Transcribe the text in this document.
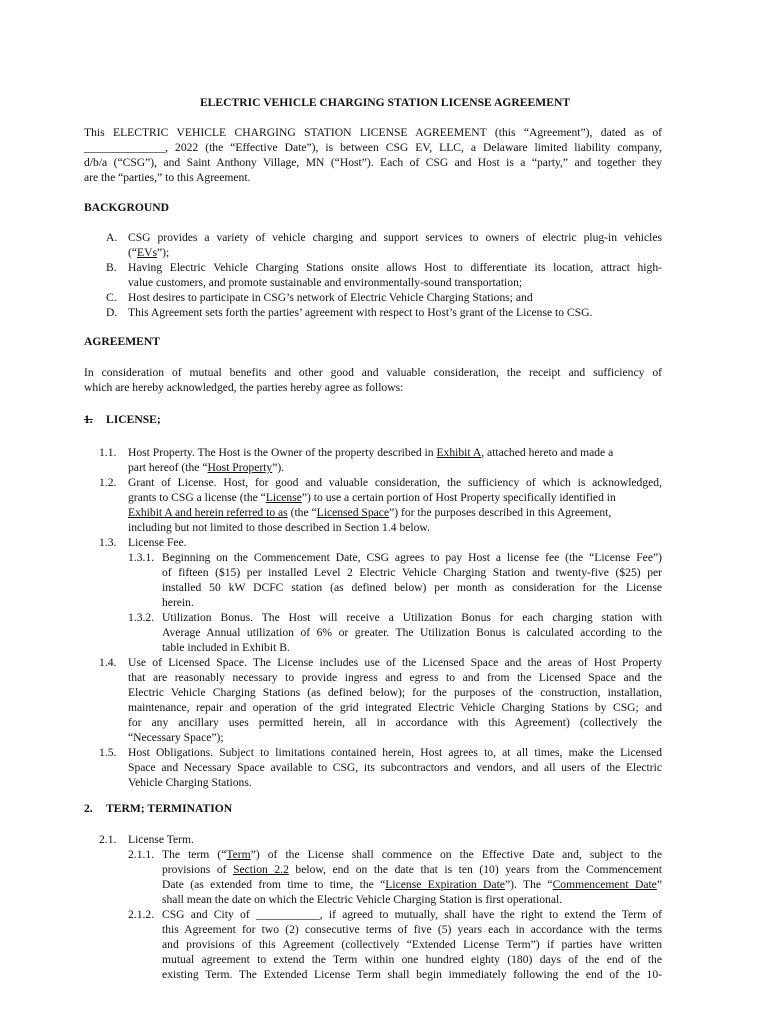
ELECTRIC VEHICLE CHARGING STATION LICENSE AGREEMENT
This ELECTRIC VEHICLE CHARGING STATION LICENSE AGREEMENT (this “Agreement”), dated as of
______________, 2022 (the “Effective Date”), is between CSG EV, LLC, a Delaware limited liability company,
d/b/a (“CSG”), and Saint Anthony Village, MN (“Host”). Each of CSG and Host is a “party,” and together they
are the “parties,” to this Agreement.
BACKGROUND
A. CSG provides a variety of vehicle charging and support services to owners of electric plug-in vehicles
(“EVs”);
B. Having Electric Vehicle Charging Stations onsite allows Host to differentiate its location, attract high-
value customers, and promote sustainable and environmentally-sound transportation;
C. Host desires to participate in CSG’s network of Electric Vehicle Charging Stations; and
D. This Agreement sets forth the parties’ agreement with respect to Host’s grant of the License to CSG.
AGREEMENT
In consideration of mutual benefits and other good and valuable consideration, the receipt and sufficiency of
which are hereby acknowledged, the parties hereby agree as follows:
1. LICENSE;
1.1. Host Property. The Host is the Owner of the property described in Exhibit A, attached hereto and made a
part hereof (the “Host Property”).
1.2. Grant of License. Host, for good and valuable consideration, the sufficiency of which is acknowledged,
grants to CSG a license (the “License”) to use a certain portion of Host Property specifically identified in
Exhibit A and herein referred to as (the “Licensed Space”) for the purposes described in this Agreement,
including but not limited to those described in Section 1.4 below.
1.3. License Fee.
1.3.1. Beginning on the Commencement Date, CSG agrees to pay Host a license fee (the “License Fee”)
of fifteen ($15) per installed Level 2 Electric Vehicle Charging Station and twenty-five ($25) per
installed 50 kW DCFC station (as defined below) per month as consideration for the License
herein.
1.3.2. Utilization Bonus. The Host will receive a Utilization Bonus for each charging station with
Average Annual utilization of 6% or greater. The Utilization Bonus is calculated according to the
table included in Exhibit B.
1.4. Use of Licensed Space. The License includes use of the Licensed Space and the areas of Host Property
that are reasonably necessary to provide ingress and egress to and from the Licensed Space and the
Electric Vehicle Charging Stations (as defined below); for the purposes of the construction, installation,
maintenance, repair and operation of the grid integrated Electric Vehicle Charging Stations by CSG; and
for any ancillary uses permitted herein, all in accordance with this Agreement) (collectively the
“Necessary Space”);
1.5. Host Obligations. Subject to limitations contained herein, Host agrees to, at all times, make the Licensed
Space and Necessary Space available to CSG, its subcontractors and vendors, and all users of the Electric
Vehicle Charging Stations.
2. TERM; TERMINATION
2.1. License Term.
2.1.1. The term (“Term”) of the License shall commence on the Effective Date and, subject to the
provisions of Section 2.2 below, end on the date that is ten (10) years from the Commencement
Date (as extended from time to time, the “License Expiration Date”). The “Commencement Date”
shall mean the date on which the Electric Vehicle Charging Station is first operational.
2.1.2. CSG and City of ___________, if agreed to mutually, shall have the right to extend the Term of
this Agreement for two (2) consecutive terms of five (5) years each in accordance with the terms
and provisions of this Agreement (collectively “Extended License Term”) if parties have written
mutual agreement to extend the Term within one hundred eighty (180) days of the end of the
existing Term. The Extended License Term shall begin immediately following the end of the 10-
